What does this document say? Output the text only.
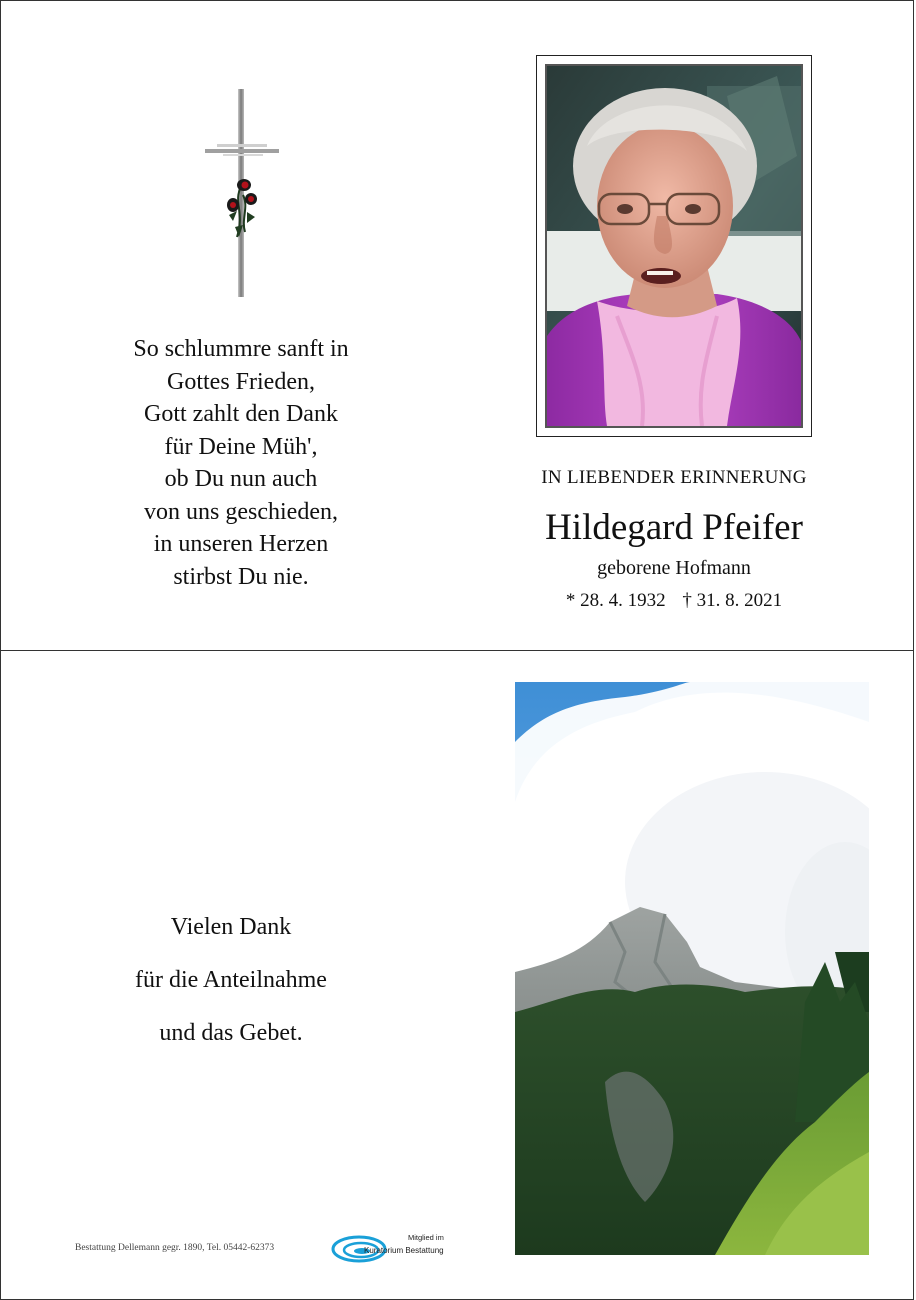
So schlummre sanft in
Gottes Frieden,
Gott zahlt den Dank
für Deine Müh',
ob Du nun auch
von uns geschieden,
in unseren Herzen
stirbst Du nie.
IN LIEBENDER ERINNERUNG
Hildegard Pfeifer
geborene Hofmann
* 28. 4. 1932 † 31. 8. 2021
Vielen Dank
für die Anteilnahme
und das Gebet.
Bestattung Dellemann gegr. 1890, Tel. 05442-62373
Mitglied im
Kuratorium Bestattung
